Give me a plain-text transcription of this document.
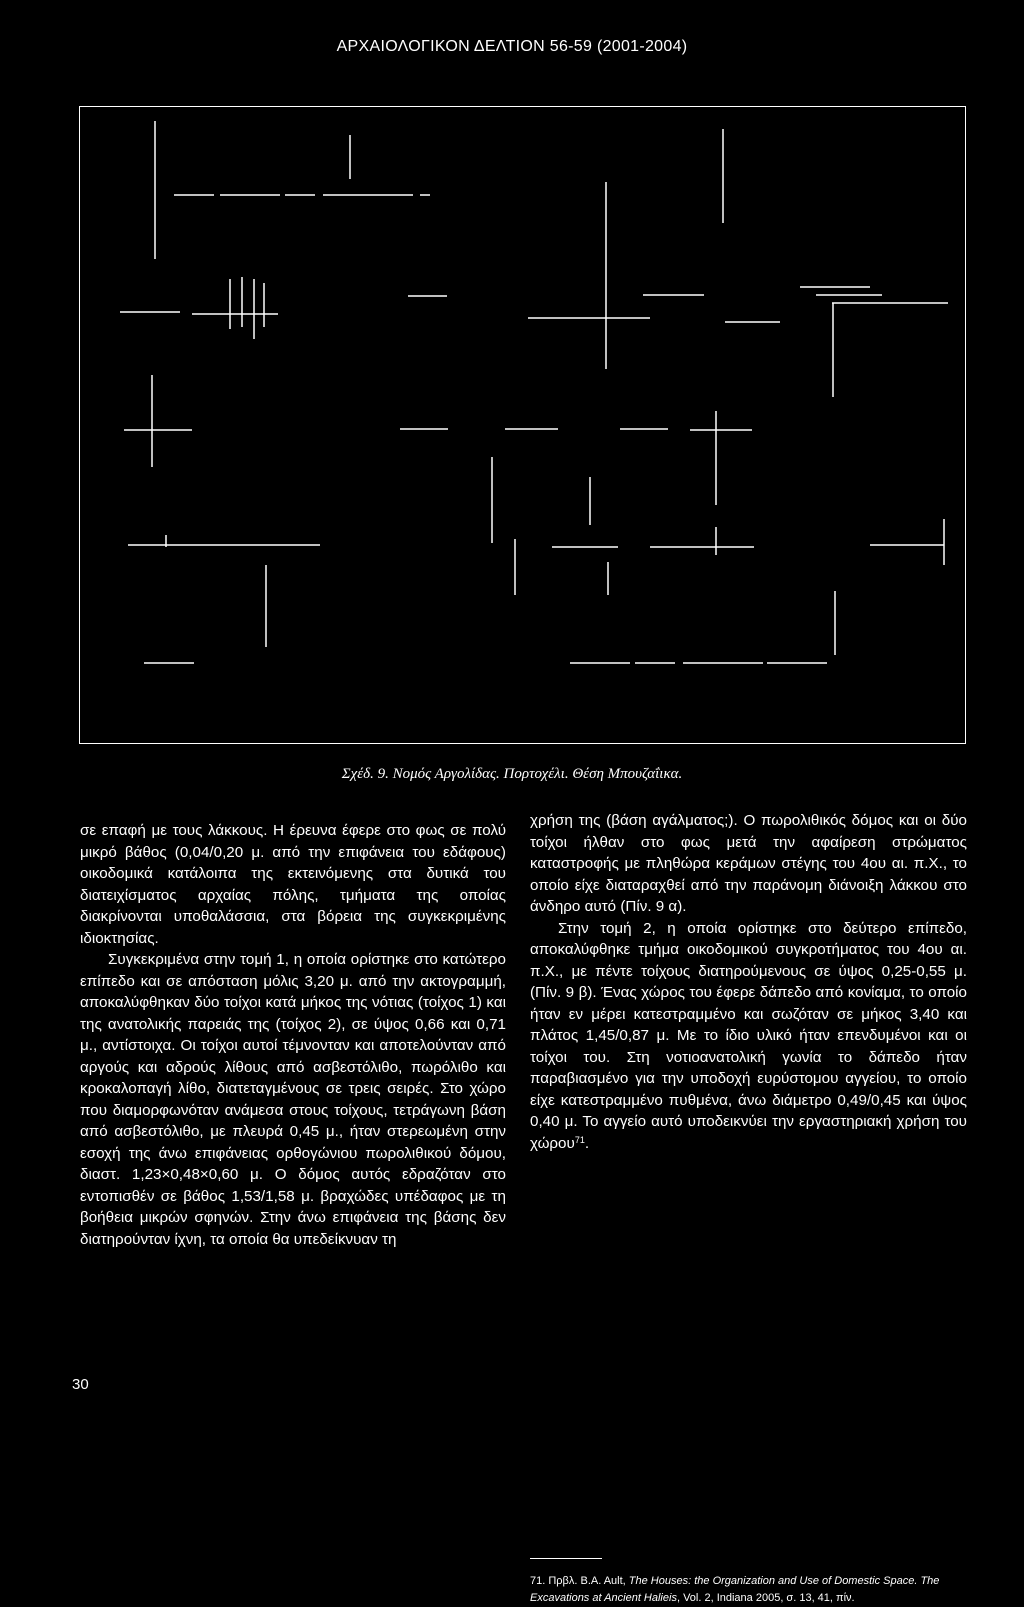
ΑΡΧΑΙΟΛΟΓΙΚΟΝ ΔΕΛΤΙΟΝ 56-59 (2001-2004)
Σχέδ. 9. Νομός Αργολίδας. Πορτοχέλι. Θέση Μπουζαΐικα.

σε επαφή με τους λάκκους. Η έρευνα έφερε στο φως σε πολύ μικρό βάθος (0,04/0,20 μ. από την επιφάνεια του εδάφους) οικοδομικά κατάλοιπα της εκτεινόμενης στα δυτικά του διατειχίσματος αρχαίας πόλης, τμήματα της οποίας διακρίνονται υποθαλάσσια, στα βόρεια της συγκεκριμένης ιδιοκτησίας.

Συγκεκριμένα στην τομή 1, η οποία ορίστηκε στο κατώτερο επίπεδο και σε απόσταση μόλις 3,20 μ. από την ακτογραμμή, αποκαλύφθηκαν δύο τοίχοι κατά μήκος της νότιας (τοίχος 1) και της ανατολικής παρειάς της (τοίχος 2), σε ύψος 0,66 και 0,71 μ., αντίστοιχα. Οι τοίχοι αυτοί τέμνονταν και αποτελούνταν από αργούς και αδρούς λίθους από ασβεστόλιθο, πωρόλιθο και κροκαλοπαγή λίθο, διατεταγμένους σε τρεις σειρές. Στο χώρο που διαμορφωνόταν ανάμεσα στους τοίχους, τετράγωνη βάση από ασβεστόλιθο, με πλευρά 0,45 μ., ήταν στερεωμένη στην εσοχή της άνω επιφάνειας ορθογώνιου πωρολιθικού δόμου, διαστ. 1,23×0,48×0,60 μ. Ο δόμος αυτός εδραζόταν στο εντοπισθέν σε βάθος 1,53/1,58 μ. βραχώδες υπέδαφος με τη βοήθεια μικρών σφηνών. Στην άνω επιφάνεια της βάσης δεν διατηρούνταν ίχνη, τα οποία θα υπεδείκνυαν τη

χρήση της (βάση αγάλματος;). Ο πωρολιθικός δόμος και οι δύο τοίχοι ήλθαν στο φως μετά την αφαίρεση στρώματος καταστροφής με πληθώρα κεράμων στέγης του 4ου αι. π.Χ., το οποίο είχε διαταραχθεί από την παράνομη διάνοιξη λάκκου στο άνδηρο αυτό (Πίν. 9 α).

Στην τομή 2, η οποία ορίστηκε στο δεύτερο επίπεδο, αποκαλύφθηκε τμήμα οικοδομικού συγκροτήματος του 4ου αι. π.Χ., με πέντε τοίχους διατηρούμενους σε ύψος 0,25-0,55 μ. (Πίν. 9 β). Ένας χώρος του έφερε δάπεδο από κονίαμα, το οποίο ήταν εν μέρει κατεστραμμένο και σωζόταν σε μήκος 3,40 και πλάτος 1,45/0,87 μ. Με το ίδιο υλικό ήταν επενδυμένοι και οι τοίχοι του. Στη νοτιοανατολική γωνία το δάπεδο ήταν παραβιασμένο για την υποδοχή ευρύστομου αγγείου, το οποίο είχε κατεστραμμένο πυθμένα, άνω διάμετρο 0,49/0,45 και ύψος 0,40 μ. Το αγγείο αυτό υποδεικνύει την εργαστηριακή χρήση του χώρου$^{71}$.

71. Πρβλ. B.A. Ault, The Houses: the Organization and Use of Domestic Space. The Excavations at Ancient Halieis, Vol. 2, Indiana 2005, σ. 13, 41, πίν.
30
